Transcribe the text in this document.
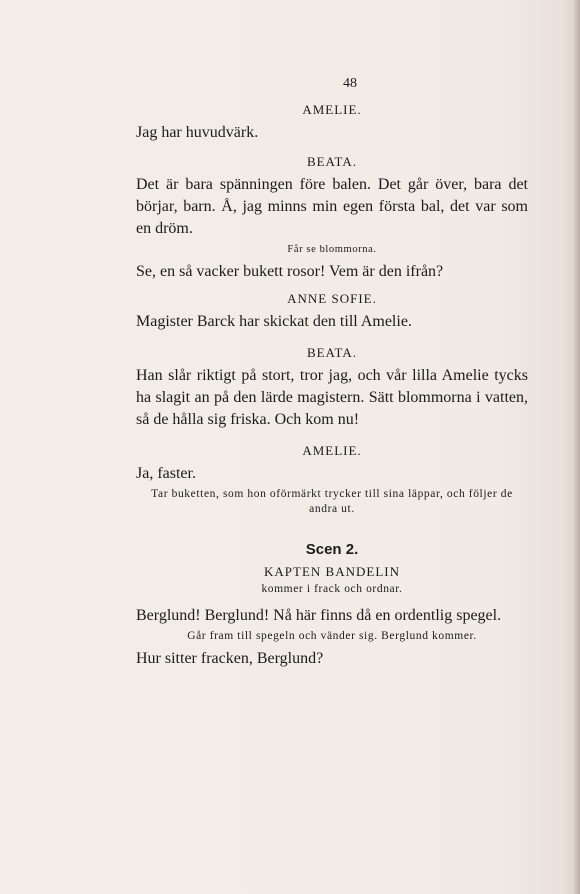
48
AMELIE.
Jag har huvudvärk.
BEATA.
Det är bara spänningen före balen. Det går över, bara det börjar, barn. Å, jag minns min egen första bal, det var som en dröm.
Får se blommorna.
Se, en så vacker bukett rosor! Vem är den ifrån?
ANNE SOFIE.
Magister Barck har skickat den till Amelie.
BEATA.
Han slår riktigt på stort, tror jag, och vår lilla Amelie tycks ha slagit an på den lärde magistern. Sätt blommorna i vatten, så de hålla sig friska. Och kom nu!
AMELIE.
Ja, faster.
Tar buketten, som hon oförmärkt trycker till sina läppar, och följer de andra ut.
Scen 2.
KAPTEN BANDELIN
kommer i frack och ordnar.
Berglund! Berglund! Nå här finns då en ordentlig spegel.
Går fram till spegeln och vänder sig. Berglund kommer.
Hur sitter fracken, Berglund?
